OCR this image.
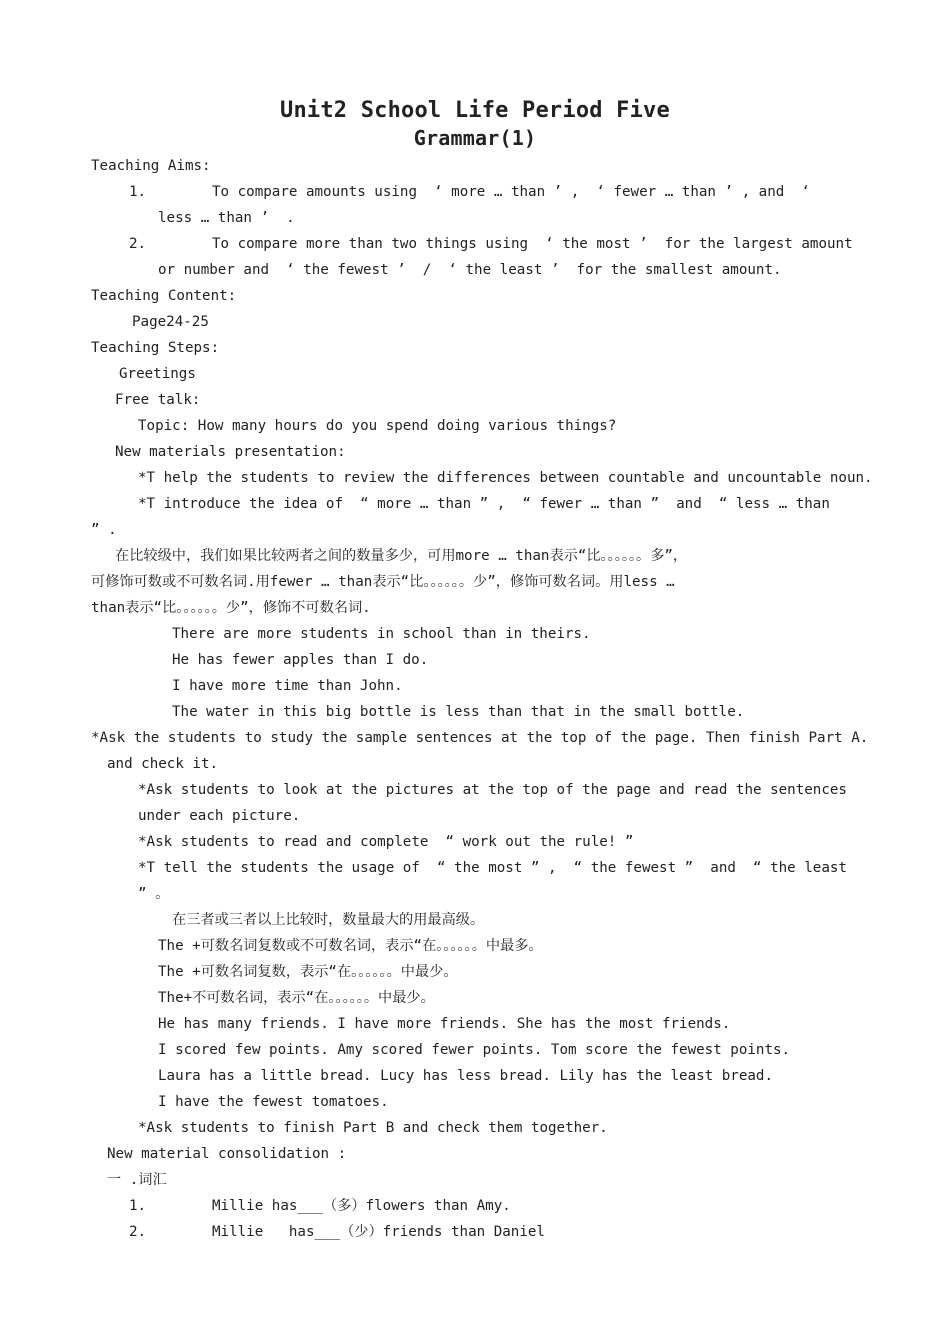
Unit2 School Life Period Five
Grammar(1)
Teaching Aims:
1.	To compare amounts using  ‘ more … than ’ ,  ‘ fewer … than ’ , and  ‘
less … than ’  .
2.	To compare more than two things using  ‘ the most ’  for the largest amount
or number and  ‘ the fewest ’  /  ‘ the least ’  for the smallest amount.
Teaching Content:
Page24-25
Teaching Steps:
Greetings
Free talk:
Topic: How many hours do you spend doing various things?
New materials presentation:
*T help the students to review the differences between countable and uncountable noun.
*T introduce the idea of  “ more … than ” ,  “ fewer … than ”  and  “ less … than
” .
在比较级中，我们如果比较两者之间的数量多少，可用more … than表示“比。。。。。。多”，
可修饰可数或不可数名词.用fewer … than表示“比。。。。。。少”，修饰可数名词。用less …
than表示“比。。。。。。少”，修饰不可数名词.
There are more students in school than in theirs.
He has fewer apples than I do.
I have more time than John.
The water in this big bottle is less than that in the small bottle.
*Ask the students to study the sample sentences at the top of the page. Then finish Part A.
and check it.
*Ask students to look at the pictures at the top of the page and read the sentences
under each picture.
*Ask students to read and complete  “ work out the rule! ”
*T tell the students the usage of  “ the most ” ,  “ the fewest ”  and  “ the least
” 。
在三者或三者以上比较时，数量最大的用最高级。
The +可数名词复数或不可数名词，表示“在。。。。。。中最多。
The +可数名词复数，表示“在。。。。。。中最少。
The+不可数名词，表示“在。。。。。。中最少。
He has many friends. I have more friends. She has the most friends.
I scored few points. Amy scored fewer points. Tom score the fewest points.
Laura has a little bread. Lucy has less bread. Lily has the least bread.
I have the fewest tomatoes.
*Ask students to finish Part B and check them together.
New material consolidation :
一 .词汇
1.	Millie has___（多）flowers than Amy.
2.	Millie   has___（少）friends than Daniel
